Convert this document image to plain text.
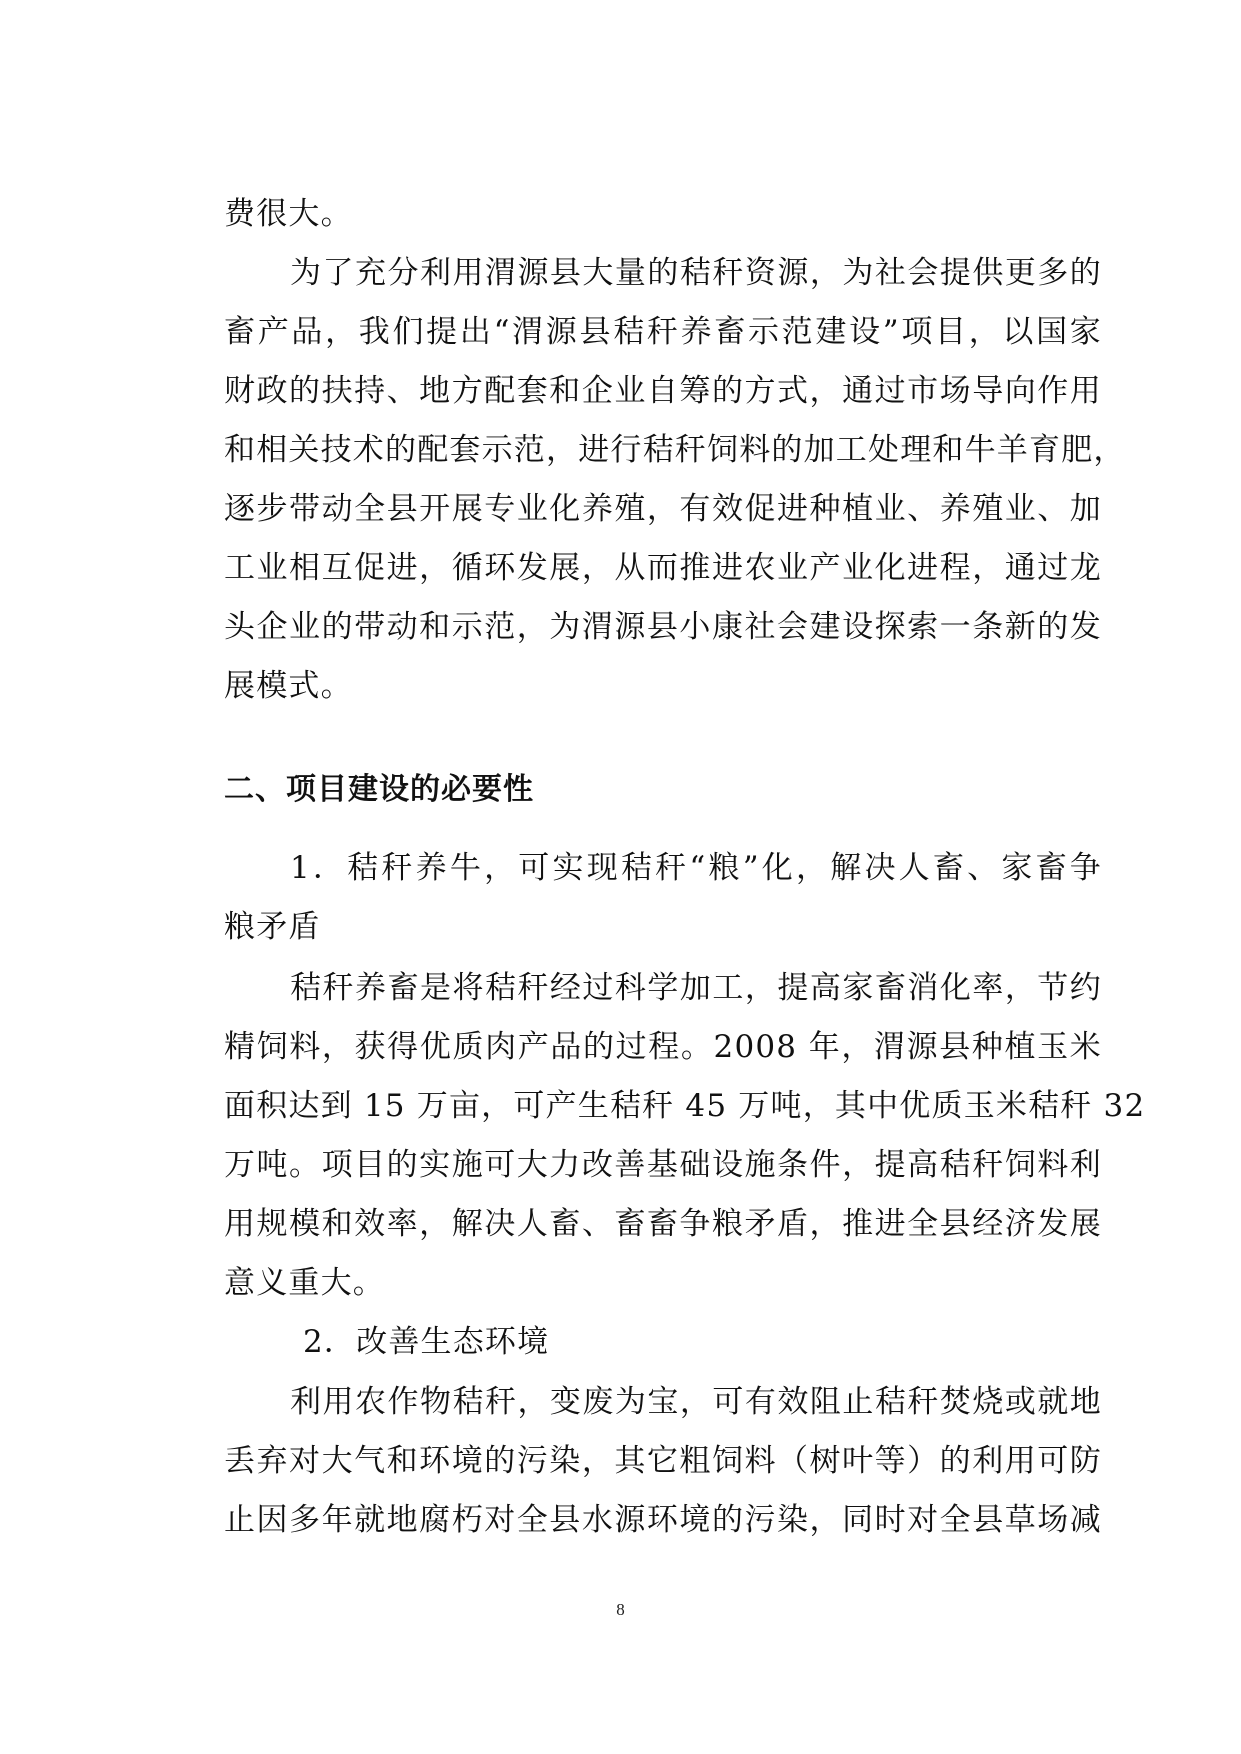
费很大。
为了充分利用渭源县大量的秸秆资源，为社会提供更多的
畜产品，我们提出“渭源县秸秆养畜示范建设”项目，以国家
财政的扶持、地方配套和企业自筹的方式，通过市场导向作用
和相关技术的配套示范，进行秸秆饲料的加工处理和牛羊育肥，
逐步带动全县开展专业化养殖，有效促进种植业、养殖业、加
工业相互促进，循环发展，从而推进农业产业化进程，通过龙
头企业的带动和示范，为渭源县小康社会建设探索一条新的发
展模式。
二、项目建设的必要性
1．秸秆养牛，可实现秸秆“粮”化，解决人畜、家畜争
粮矛盾
秸秆养畜是将秸秆经过科学加工，提高家畜消化率，节约
精饲料，获得优质肉产品的过程。2008 年，渭源县种植玉米
面积达到 15 万亩，可产生秸秆 45 万吨，其中优质玉米秸秆 32
万吨。项目的实施可大力改善基础设施条件，提高秸秆饲料利
用规模和效率，解决人畜、畜畜争粮矛盾，推进全县经济发展
意义重大。
2．改善生态环境
利用农作物秸秆，变废为宝，可有效阻止秸秆焚烧或就地
丢弃对大气和环境的污染，其它粗饲料（树叶等）的利用可防
止因多年就地腐朽对全县水源环境的污染，同时对全县草场减
8
